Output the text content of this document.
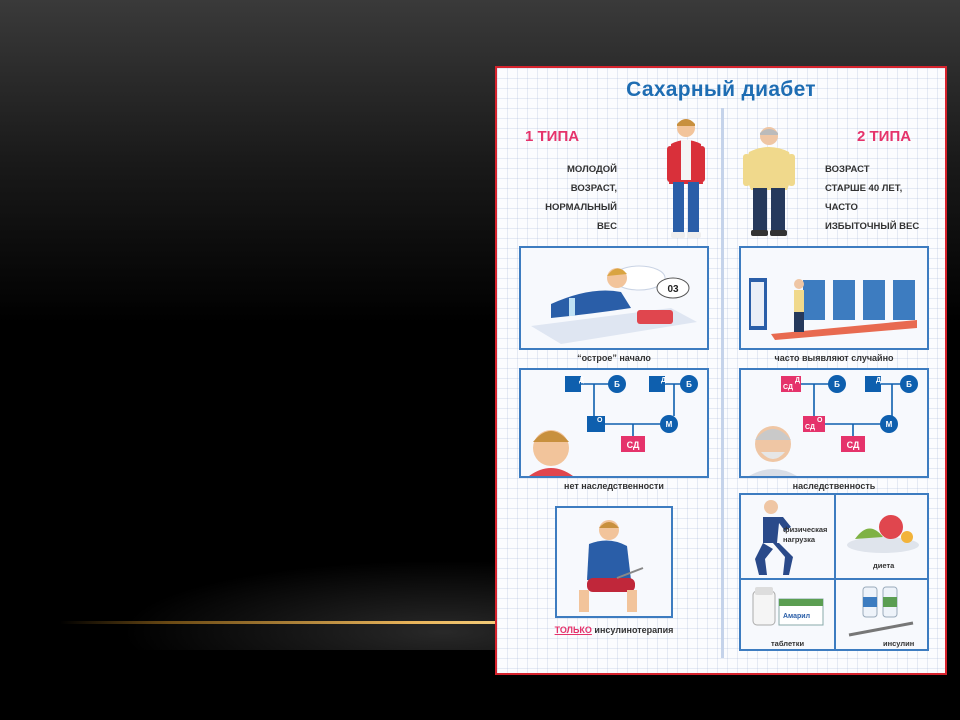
Сахарный диабет
1 ТИПА
МОЛОДОЙ
ВОЗРАСТ,
НОРМАЛЬНЫЙ
ВЕС
2 ТИПА
ВОЗРАСТ
СТАРШЕ 40 ЛЕТ,
ЧАСТО
ИЗБЫТОЧНЫЙ ВЕС
03
“острое” начало	часто выявляют случайно
Д	Б	Д	Б
О	М
СД
нет наследственности
СД
Д	Б	Д	Б
СД
О	М
СД
наследственность
ТОЛЬКО инсулинотерапия
физическая
нагрузка
диета
Амарил
таблетки	инсулин
